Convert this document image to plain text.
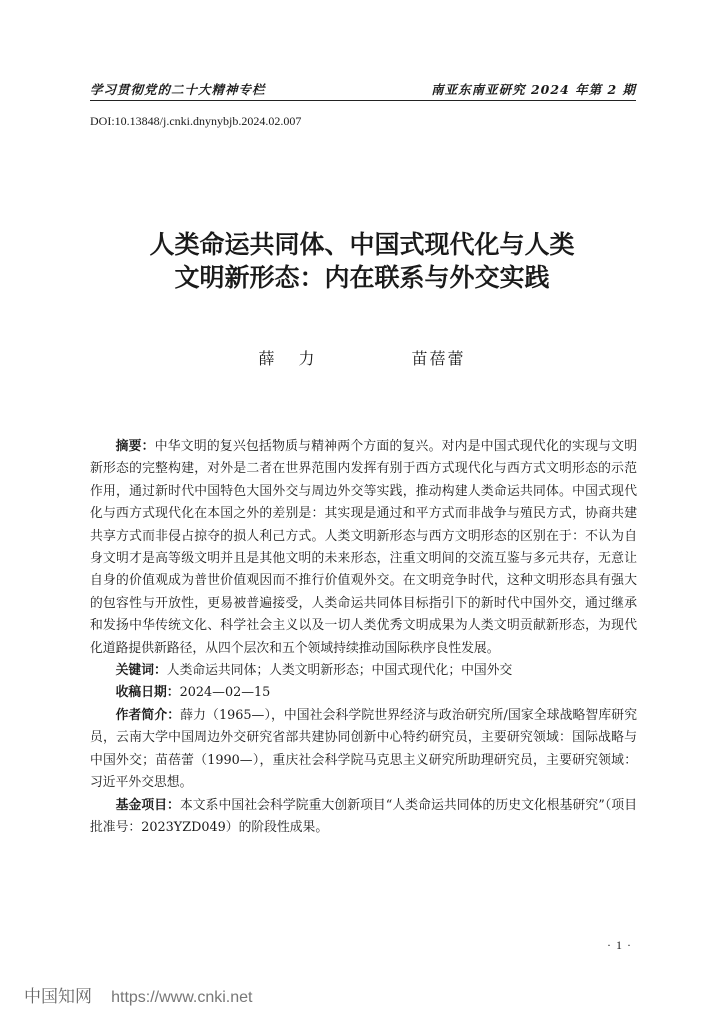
学习贯彻党的二十大精神专栏	南亚东南亚研究 2024 年第 2 期
DOI:10.13848/j.cnki.dnynybjb.2024.02.007
人类命运共同体、中国式现代化与人类
文明新形态：内在联系与外交实践
薛力	苗蓓蕾

摘要：中华文明的复兴包括物质与精神两个方面的复兴。对内是中国式现代化的实现与文明新形态的完整构建，对外是二者在世界范围内发挥有别于西方式现代化与西方式文明形态的示范作用，通过新时代中国特色大国外交与周边外交等实践，推动构建人类命运共同体。中国式现代化与西方式现代化在本国之外的差别是：其实现是通过和平方式而非战争与殖民方式，协商共建共享方式而非侵占掠夺的损人利己方式。人类文明新形态与西方文明形态的区别在于：不认为自身文明才是高等级文明并且是其他文明的未来形态，注重文明间的交流互鉴与多元共存，无意让自身的价值观成为普世价值观因而不推行价值观外交。在文明竞争时代，这种文明形态具有强大的包容性与开放性，更易被普遍接受，人类命运共同体目标指引下的新时代中国外交，通过继承和发扬中华传统文化、科学社会主义以及一切人类优秀文明成果为人类文明贡献新形态，为现代化道路提供新路径，从四个层次和五个领域持续推动国际秩序良性发展。

关键词：人类命运共同体；人类文明新形态；中国式现代化；中国外交

收稿日期：2024—02—15

作者简介：薛力（1965—），中国社会科学院世界经济与政治研究所/国家全球战略智库研究员，云南大学中国周边外交研究省部共建协同创新中心特约研究员，主要研究领域：国际战略与中国外交；苗蓓蕾（1990—），重庆社会科学院马克思主义研究所助理研究员，主要研究领域：习近平外交思想。

基金项目：本文系中国社会科学院重大创新项目“人类命运共同体的历史文化根基研究”（项目批准号：2023YZD049）的阶段性成果。

· 1 ·
中国知网 https://www.cnki.net
